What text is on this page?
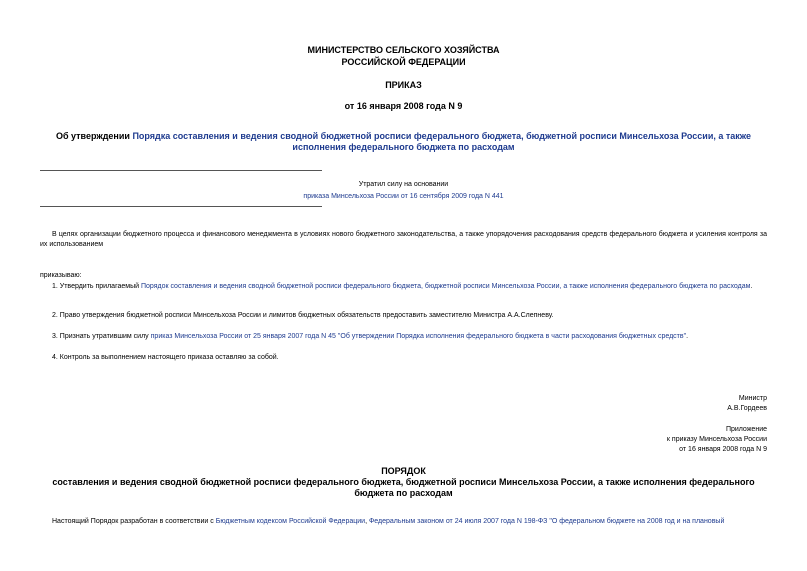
МИНИСТЕРСТВО СЕЛЬСКОГО ХОЗЯЙСТВА
РОССИЙСКОЙ ФЕДЕРАЦИИ
ПРИКАЗ
от 16 января 2008 года N 9
Об утверждении Порядка составления и ведения сводной бюджетной росписи федерального бюджета, бюджетной росписи Минсельхоза России, а также исполнения федерального бюджета по расходам
Утратил силу на основании
приказа Минсельхоза России от 16 сентября 2009 года N 441
В целях организации бюджетного процесса и финансового менеджмента в условиях нового бюджетного законодательства, а также упорядочения расходования средств федерального бюджета и усиления контроля за их использованием
приказываю:
1. Утвердить прилагаемый Порядок составления и ведения сводной бюджетной росписи федерального бюджета, бюджетной росписи Минсельхоза России, а также исполнения федерального бюджета по расходам.
2. Право утверждения бюджетной росписи Минсельхоза России и лимитов бюджетных обязательств предоставить заместителю Министра А.А.Слепневу.
3. Признать утратившим силу приказ Минсельхоза России от 25 января 2007 года N 45 "Об утверждении Порядка исполнения федерального бюджета в части расходования бюджетных средств".
4. Контроль за выполнением настоящего приказа оставляю за собой.
Министр
А.В.Гордеев
Приложение
к приказу Минсельхоза России
от 16 января 2008 года N 9
ПОРЯДОК
составления и ведения сводной бюджетной росписи федерального бюджета, бюджетной росписи Минсельхоза России, а также исполнения федерального бюджета по расходам
Настоящий Порядок разработан в соответствии с Бюджетным кодексом Российской Федерации, Федеральным законом от 24 июля 2007 года N 198-ФЗ "О федеральном бюджете на 2008 год и на плановый
